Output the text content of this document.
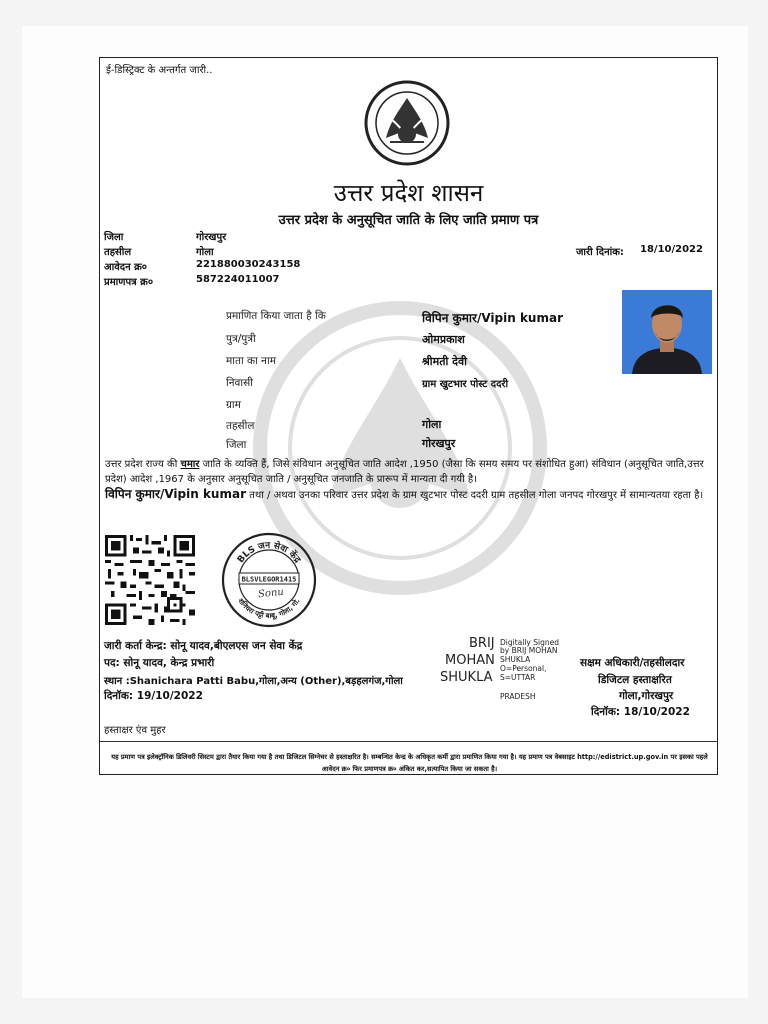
ई-डिस्ट्रिक्ट के अन्तर्गत जारी..
उत्तर प्रदेश शासन
उत्तर प्रदेश के अनुसूचित जाति के लिए जाति प्रमाण पत्र
जिला	गोरखपुर
तहसील	गोला
आवेदन क्र०	221880030243158
प्रमाणपत्र क्र०	587224011007
जारी दिनांक: 18/10/2022
प्रमाणित किया जाता है कि	विपिन कुमार/Vipin kumar
पुत्र/पुत्री	ओमप्रकाश
माता का नाम	श्रीमती देवी
निवासी	ग्राम खुटभार पोस्ट ददरी
ग्राम
तहसील	गोला
जिला	गोरखपुर
उत्तर प्रदेश राज्य की चमार जाति के व्यक्ति हैं, जिसे संविधान अनुसूचित जाति आदेश ,1950 (जैसा कि समय समय पर संशोधित हुआ) संविधान (अनुसूचित जाति,उत्तर प्रदेश) आदेश ,1967 के अनुसार अनुसूचित जाति / अनुसूचित जनजाति के प्रारूप में मान्यता दी गयी है।
विपिन कुमार/Vipin kumar तथा / अथवा उनका परिवार उत्तर प्रदेश के ग्राम खुटभार पोस्ट ददरी ग्राम तहसील गोला जनपद गोरखपुर में सामान्यतया रहता है।
BLS जन सेवा केंद्र
शनिचरा पट्टी बाबू, गोला, गो.
BLSVLEGOR1415
Sonu
जारी कर्ता केन्द्र: सोनू यादव,बीएलएस जन सेवा केंद्र
पद: सोनू यादव, केन्द्र प्रभारी
स्थान :Shanichara Patti Babu,गोला,अन्य (Other),बड़हलगंज,गोला
दिनॉक: 19/10/2022
हस्ताक्षर एंव मुहर
BRIJ
MOHAN
SHUKLA
Digitally Signed
by BRIJ MOHAN
SHUKLA
O=Personal,
S=UTTAR
PRADESH
सक्षम अधिकारी/तहसीलदार
डिजिटल हस्ताक्षरित
गोला,गोरखपुर
दिनॉक: 18/10/2022
यह प्रमाण पत्र इलेक्ट्रॉनिक डिलिवरी सिस्टम द्वारा तैयार किया गया है तथा डिजिटल सिग्नेचर से हस्ताक्षरित है। सम्बन्धित केन्द्र के अधिकृत कर्मी द्वारा प्रमाणित किया गया है। यह प्रमाण पत्र वेबसाइट http://edistrict.up.gov.in पर इसका पहले आवेदन क्र० फिर प्रमाणपत्र क्र० अंकित कर,सत्यापित किया जा सकता है।
